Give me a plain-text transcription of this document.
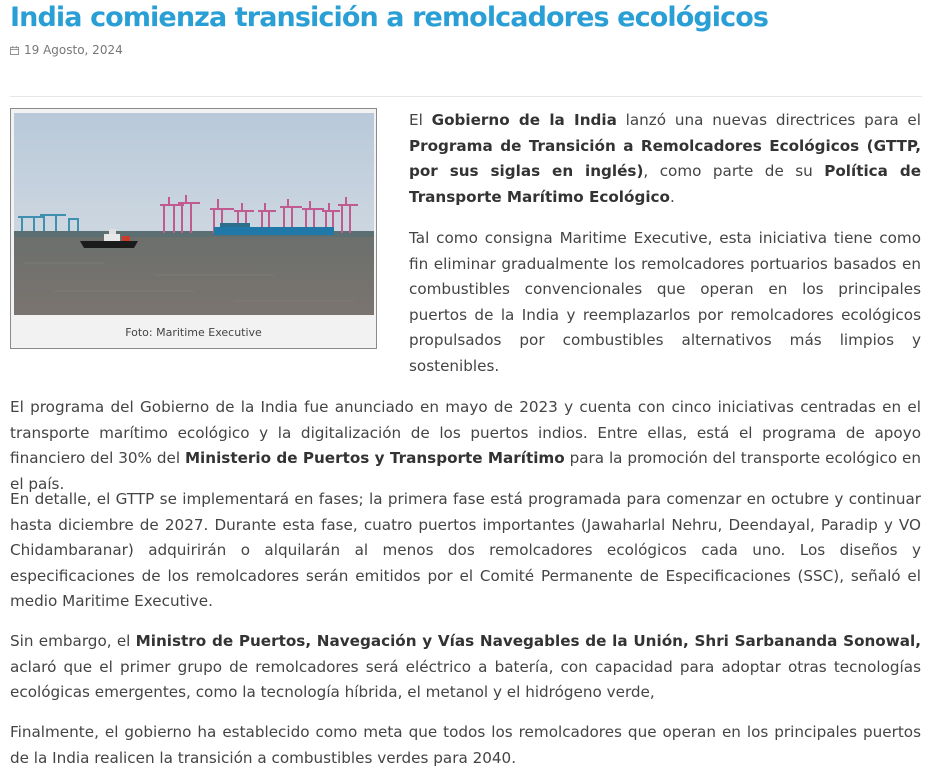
India comienza transición a remolcadores ecológicos
19 Agosto, 2024
Foto: Maritime Executive

El Gobierno de la India lanzó una nuevas directrices para el Programa de Transición a Remolcadores Ecológicos (GTTP, por sus siglas en inglés), como parte de su Política de Transporte Marítimo Ecológico.

Tal como consigna Maritime Executive, esta iniciativa tiene como fin eliminar gradualmente los remolcadores portuarios basados en combustibles convencionales que operan en los principales puertos de la India y reemplazarlos por remolcadores ecológicos propulsados por combustibles alternativos más limpios y sostenibles.

El programa del Gobierno de la India fue anunciado en mayo de 2023 y cuenta con cinco iniciativas centradas en el transporte marítimo ecológico y la digitalización de los puertos indios. Entre ellas, está el programa de apoyo financiero del 30% del Ministerio de Puertos y Transporte Marítimo para la promoción del transporte ecológico en el país.

En detalle, el GTTP se implementará en fases; la primera fase está programada para comenzar en octubre y continuar hasta diciembre de 2027. Durante esta fase, cuatro puertos importantes (Jawaharlal Nehru, Deendayal, Paradip y VO Chidambaranar) adquirirán o alquilarán al menos dos remolcadores ecológicos cada uno. Los diseños y especificaciones de los remolcadores serán emitidos por el Comité Permanente de Especificaciones (SSC), señaló el medio Maritime Executive.

Sin embargo, el Ministro de Puertos, Navegación y Vías Navegables de la Unión, Shri Sarbananda Sonowal, aclaró que el primer grupo de remolcadores será eléctrico a batería, con capacidad para adoptar otras tecnologías ecológicas emergentes, como la tecnología híbrida, el metanol y el hidrógeno verde,

Finalmente, el gobierno ha establecido como meta que todos los remolcadores que operan en los principales puertos de la India realicen la transición a combustibles verdes para 2040.
